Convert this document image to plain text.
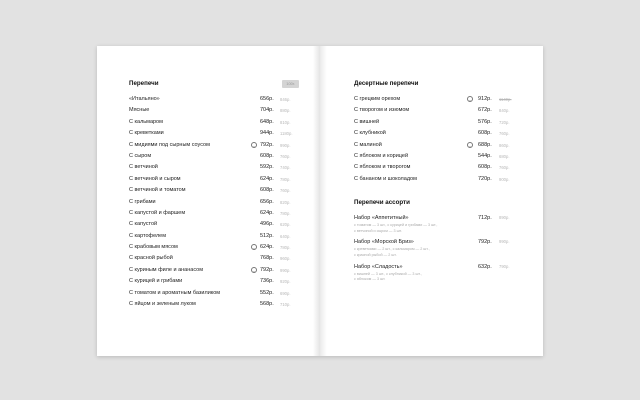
Перепечи	100г.
«Итальяно»	656р. 846р.
Мясные	704р. 880р.
С кальмаром	648р. 810р.
С креветками	944р. 1180р.
С мидиями под сырным соусом	– 792р. 990р.
С сыром	608р. 760р.
С ветчиной	592р. 740р.
С ветчиной и сыром	624р. 780р.
С ветчиной и томатом	608р. 760р.
С грибами	656р. 820р.
С капустой и фаршем	624р. 780р.
С капустой	496р. 620р.
С картофелем	512р. 640р.
С крабовым мясом	– 624р. 780р.
С красной рыбой	768р. 960р.
С куриным филе и ананасом	– 792р. 990р.
С курицей и грибами	736р. 920р.
С томатом и ароматным базиликом	552р. 690р.
С яйцом и зеленым луком	568р. 710р.
Десертные перепечи
С грецким орехом	–	912р. 1140р.
С творогом и изюмом	672р. 840р.
С вишней	576р. 720р.
С клубникой	608р. 760р.
С малиной	–	688р. 860р.
С яблоком и корицей	544р. 680р.
С яблоком и творогом	608р. 760р.
С бананом и шоколадом	720р. 900р.
Перепечи ассорти
Набор «Аппетитный»	712р. 890р.
с томатом — 3 шт., с курицей и грибами — 3 шт.,
с ветчиной и сыром — 3 шт.
Набор «Морской Бриз»	792р. 990р.
с креветками — 2 шт., с кальмаром — 2 шт.,
с красной рыбой — 2 шт.
Набор «Сладость»	632р. 790р.
с вишней — 3 шт., с клубникой — 3 шт.,
с яблоком — 3 шт.
